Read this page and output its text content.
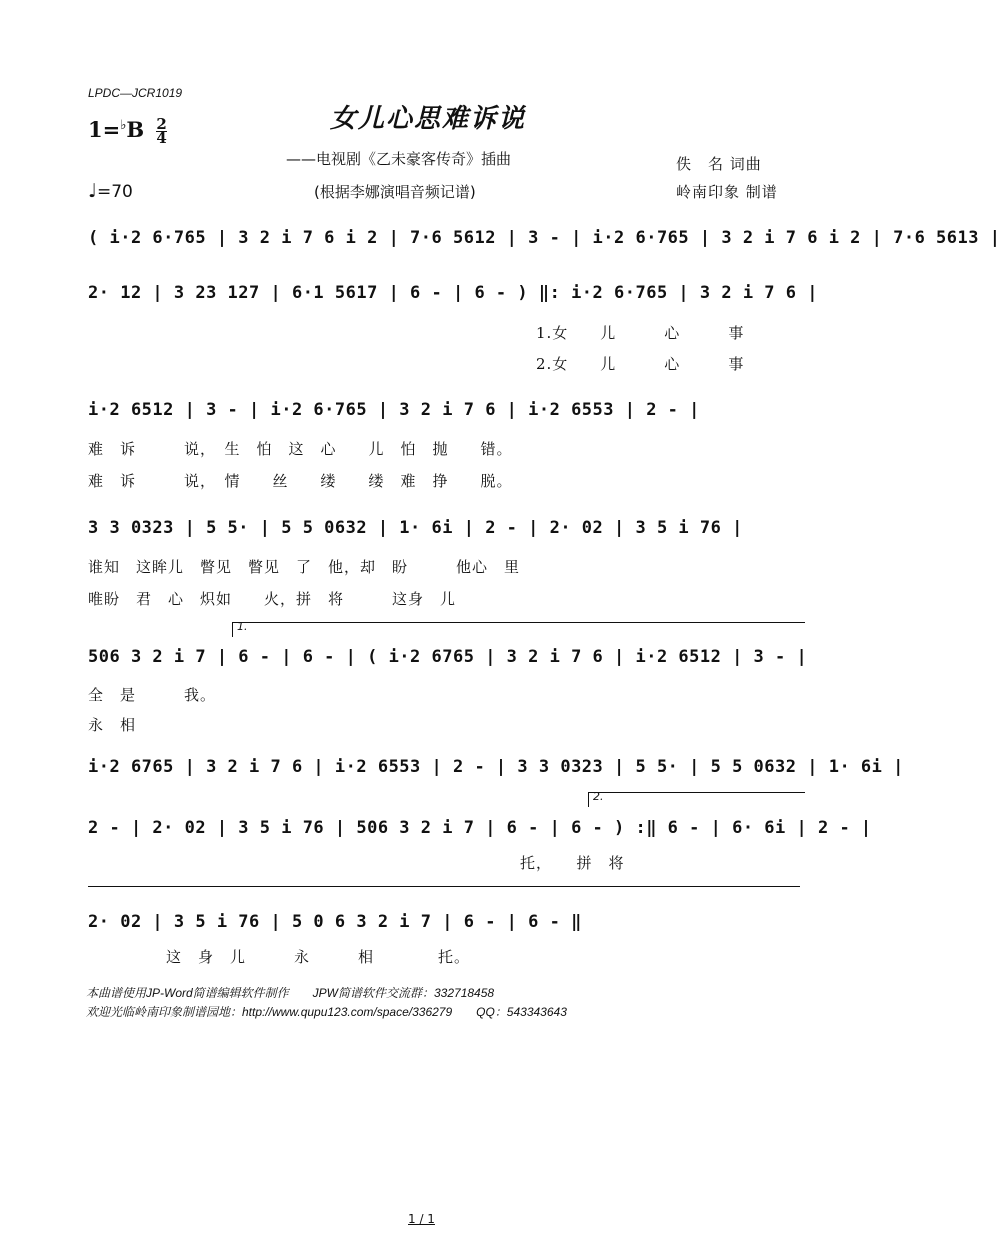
LPDC—JCR1019
$1=^♭B \frac{2}{4}$	女儿心思难诉说
——电视剧《乙未豪客传奇》插曲
(根据李娜演唱音频记谱)
佚　名 词曲
岭南印象 制谱
♩=70
( i·2 6·765 | 3 2 i 7 6 i 2 | 7·6 5612 | 3 - | i·2 6·765 | 3 2 i 7 6 i 2 | 7·6 5613 |
2· 12 | 3 23 127 | 6·1 5617 | 6 - | 6 - ) ‖: i·2 6·765 | 3 2 i 7 6 |
1.女　　儿　　　心　　　事
2.女　　儿　　　心　　　事
i·2 6512 | 3 - | i·2 6·765 | 3 2 i 7 6 | i·2 6553 | 2 - |
难　诉　　　说，　生　怕　这　心　　儿　怕　抛　　错。
难　诉　　　说，　情　　丝　　缕　　缕　难　挣　　脱。
3 3 0323 | 5 5· | 5 5 0632 | 1· 6i | 2 - | 2· 02 | 3 5 i 76 |
谁知　这眸儿　瞥见　瞥见　了　他，却　盼　　　他心　里
唯盼　君　心　炽如　　火，拼　将　　　这身　儿
1.
506 3 2 i 7 | 6 - | 6 - | ( i·2 6765 | 3 2 i 7 6 | i·2 6512 | 3 - |
全　是　　　我。
永　相
i·2 6765 | 3 2 i 7 6 | i·2 6553 | 2 - | 3 3 0323 | 5 5· | 5 5 0632 | 1· 6i |
2.
2 - | 2· 02 | 3 5 i 76 | 506 3 2 i 7 | 6 - | 6 - ) :‖ 6 - | 6· 6i | 2 - |
　　　　　　　　　　　　　　　　　　　　　　　　　　　托，　　拼　将
2· 02 | 3 5 i 76 | 5 0 6 3 2 i 7 | 6 - | 6 - ‖
　这　身　儿　　　永　　　相　　　　托。
本曲谱使用JP-Word简谱编辑软件制作　　JPW简谱软件交流群：332718458
欢迎光临岭南印象制谱园地：http://www.qupu123.com/space/336279　　QQ：543343643
1 / 1
